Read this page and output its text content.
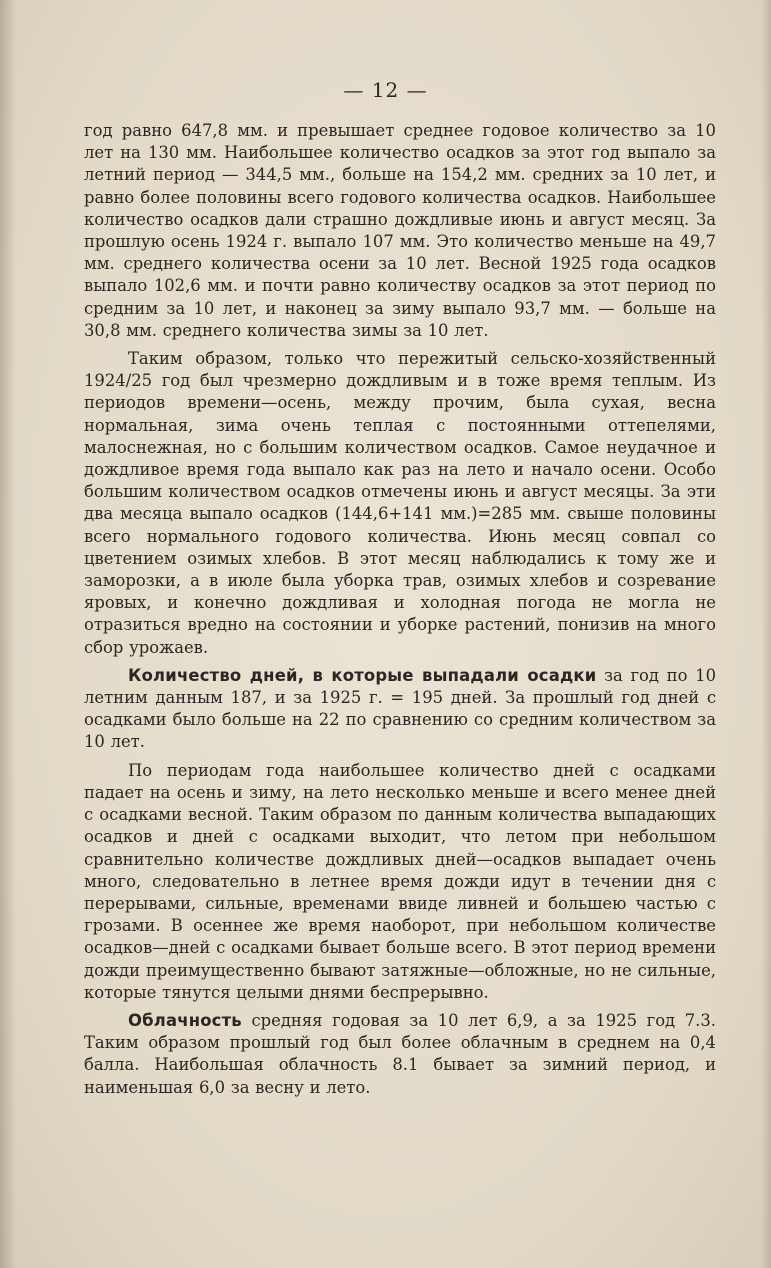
— 12 —

год равно 647,8 мм. и превышает среднее годовое количество за 10 лет на 130 мм. Наибольшее количество осадков за этот год выпало за летний период — 344,5 мм., больше на 154,2 мм. средних за 10 лет, и равно более половины всего годового количества осадков. Наибольшее количество осадков дали страшно дождливые июнь и август месяц. За прошлую осень 1924 г. выпало 107 мм. Это количество меньше на 49,7 мм. среднего количества осени за 10 лет. Весной 1925 года осадков выпало 102,6 мм. и почти равно количеству осадков за этот период по средним за 10 лет, и наконец за зиму выпало 93,7 мм. — больше на 30,8 мм. среднего количества зимы за 10 лет.

Таким образом, только что пережитый сельско-хозяйственный 1924/25 год был чрезмерно дождливым и в тоже время теплым. Из периодов времени—осень, между прочим, была сухая, весна нормальная, зима очень теплая с постоянными оттепелями, малоснежная, но с большим количеством осадков. Самое неудачное и дождливое время года выпало как раз на лето и начало осени. Особо большим количеством осадков отмечены июнь и август месяцы. За эти два месяца выпало осадков (144,6+141 мм.)=285 мм. свыше половины всего нормального годового количества. Июнь месяц совпал со цветением озимых хлебов. В этот месяц наблюдались к тому же и заморозки, а в июле была уборка трав, озимых хлебов и созревание яровых, и конечно дождливая и холодная погода не могла не отразиться вредно на состоянии и уборке растений, понизив на много сбор урожаев.

Количество дней, в которые выпадали осадки за год по 10 летним данным 187, и за 1925 г. = 195 дней. За прошлый год дней с осадками было больше на 22 по сравнению со средним количеством за 10 лет.

По периодам года наибольшее количество дней с осадками падает на осень и зиму, на лето несколько меньше и всего менее дней с осадками весной. Таким образом по данным количества выпадающих осадков и дней с осадками выходит, что летом при небольшом сравнительно количестве дождливых дней—осадков выпадает очень много, следовательно в летнее время дожди идут в течении дня с перерывами, сильные, временами ввиде ливней и большею частью с грозами. В осеннее же время наоборот, при небольшом количестве осадков—дней с осадками бывает больше всего. В этот период времени дожди преимущественно бывают затяжные—обложные, но не сильные, которые тянутся целыми днями беспрерывно.

Облачность средняя годовая за 10 лет 6,9, а за 1925 год 7.3. Таким образом прошлый год был более облачным в среднем на 0,4 балла. Наибольшая облачность 8.1 бывает за зимний период, и наименьшая 6,0 за весну и лето.
